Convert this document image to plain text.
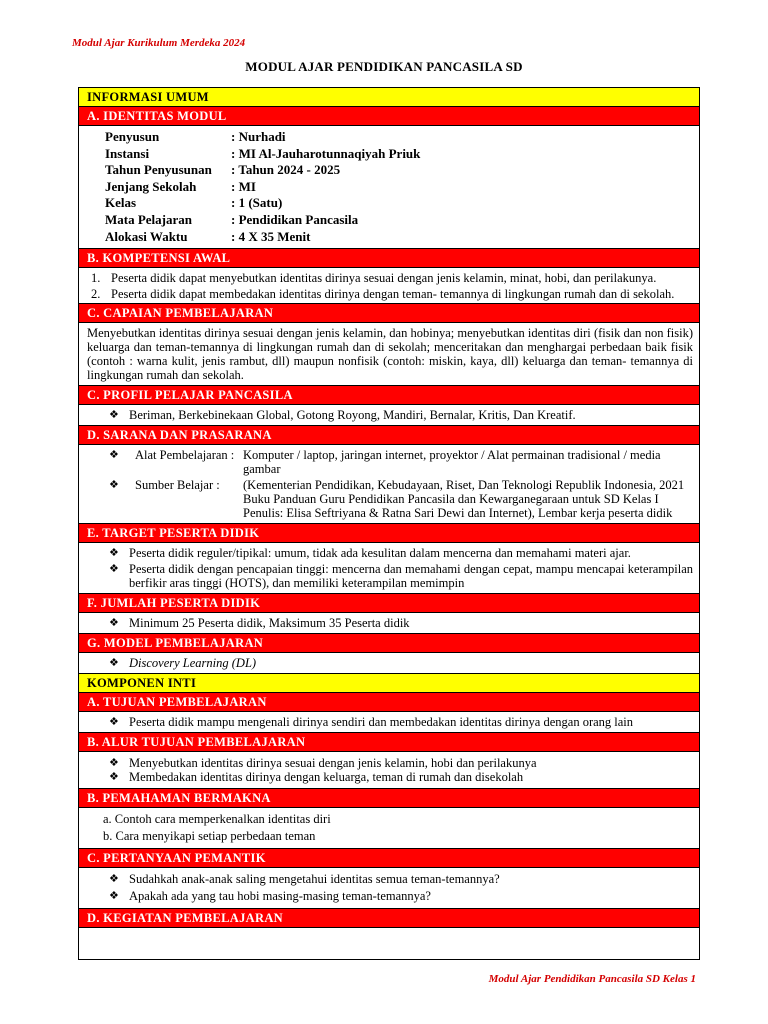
Modul Ajar Kurikulum Merdeka 2024
MODUL AJAR PENDIDIKAN PANCASILA SD
INFORMASI UMUM
A. IDENTITAS MODUL
Penyusun	: Nurhadi
Instansi	: MI Al-Jauharotunnaqiyah Priuk
Tahun Penyusunan	: Tahun 2024 - 2025
Jenjang Sekolah	: MI
Kelas	: 1 (Satu)
Mata Pelajaran	: Pendidikan Pancasila
Alokasi Waktu	: 4 X 35 Menit
B. KOMPETENSI AWAL
1. Peserta didik dapat menyebutkan identitas dirinya sesuai dengan jenis kelamin, minat, hobi, dan perilakunya.
2. Peserta didik dapat membedakan identitas dirinya dengan teman- temannya di lingkungan rumah dan di sekolah.
C. CAPAIAN PEMBELAJARAN
Menyebutkan identitas dirinya sesuai dengan jenis kelamin, dan hobinya; menyebutkan identitas diri (fisik dan non fisik) keluarga dan teman-temannya di lingkungan rumah dan di sekolah; menceritakan dan menghargai perbedaan baik fisik (contoh : warna kulit, jenis rambut, dll) maupun nonfisik (contoh: miskin, kaya, dll) keluarga dan teman- temannya di lingkungan rumah dan sekolah.
C. PROFIL PELAJAR PANCASILA
❖ Beriman, Berkebinekaan Global, Gotong Royong, Mandiri, Bernalar, Kritis, Dan Kreatif.
D. SARANA DAN PRASARANA
❖	Alat Pembelajaran : Komputer / laptop, jaringan internet, proyektor / Alat permainan tradisional / media gambar
❖	Sumber Belajar :	(Kementerian Pendidikan, Kebudayaan, Riset, Dan Teknologi Republik Indonesia, 2021 Buku Panduan Guru Pendidikan Pancasila dan Kewarganegaraan untuk SD Kelas I Penulis: Elisa Seftriyana & Ratna Sari Dewi dan Internet), Lembar kerja peserta didik
E. TARGET PESERTA DIDIK
❖ Peserta didik reguler/tipikal: umum, tidak ada kesulitan dalam mencerna dan memahami materi ajar.
❖ Peserta didik dengan pencapaian tinggi: mencerna dan memahami dengan cepat, mampu mencapai keterampilan berfikir aras tinggi (HOTS), dan memiliki keterampilan memimpin
F. JUMLAH PESERTA DIDIK
❖ Minimum 25 Peserta didik, Maksimum 35 Peserta didik
G. MODEL PEMBELAJARAN
❖ Discovery Learning (DL)
KOMPONEN INTI
A. TUJUAN PEMBELAJARAN
❖ Peserta didik mampu mengenali dirinya sendiri dan membedakan identitas dirinya dengan orang lain
B. ALUR TUJUAN PEMBELAJARAN
❖ Menyebutkan identitas dirinya sesuai dengan jenis kelamin, hobi dan perilakunya
❖ Membedakan identitas dirinya dengan keluarga, teman di rumah dan disekolah
B. PEMAHAMAN BERMAKNA
a. Contoh cara memperkenalkan identitas diri
b. Cara menyikapi setiap perbedaan teman
C. PERTANYAAN PEMANTIK
❖ Sudahkah anak-anak saling mengetahui identitas semua teman-temannya?
❖ Apakah ada yang tau hobi masing-masing teman-temannya?
D. KEGIATAN PEMBELAJARAN
Modul Ajar Pendidikan Pancasila SD Kelas 1
